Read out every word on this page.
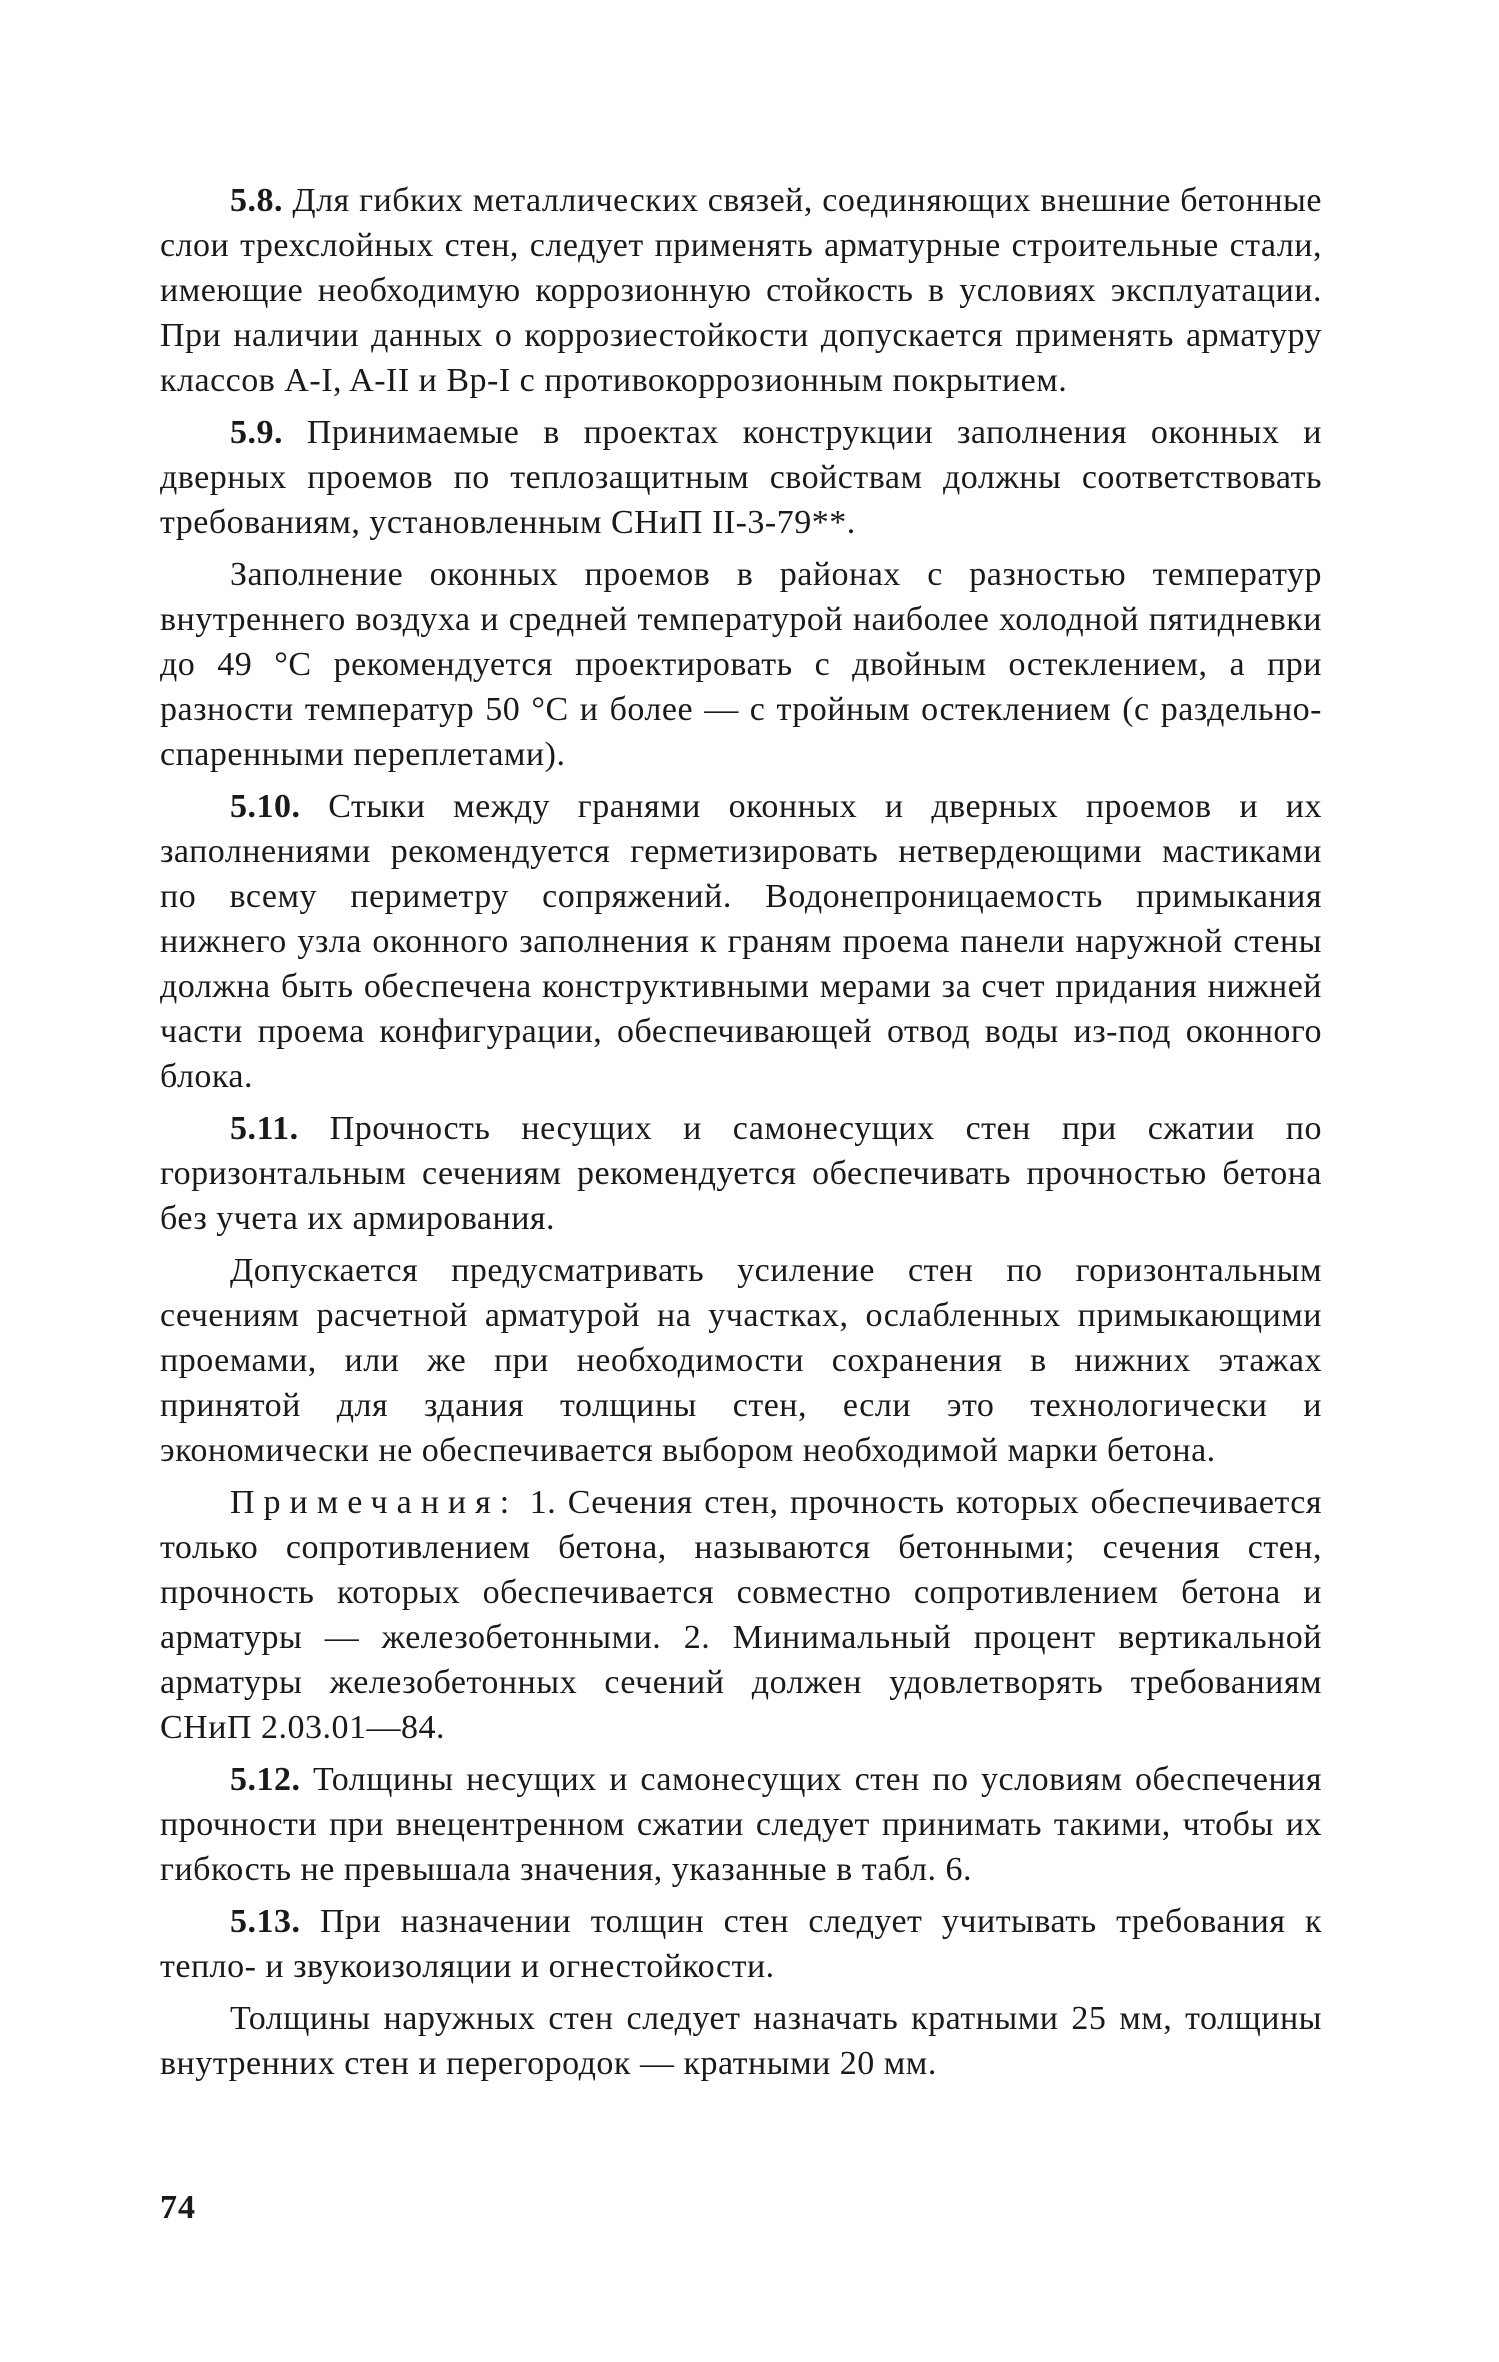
5.8. Для гибких металлических связей, соединяющих внешние бетонные слои трехслойных стен, следует применять арматурные строительные стали, имеющие необходимую коррозионную стойкость в условиях эксплуатации. При наличии данных о коррозиестойкости допускается применять арматуру классов A-I, A-II и Bp-I с противокоррозионным покрытием.

5.9. Принимаемые в проектах конструкции заполнения оконных и дверных проемов по теплозащитным свойствам должны соответствовать требованиям, установленным СНиП II-3-79**.

Заполнение оконных проемов в районах с разностью температур внутреннего воздуха и средней температурой наиболее холодной пятидневки до 49 °С рекомендуется проектировать с двойным остеклением, а при разности температур 50 °С и более — с тройным остеклением (с раздельно-спаренными переплетами).

5.10. Стыки между гранями оконных и дверных проемов и их заполнениями рекомендуется герметизировать нетвердеющими мастиками по всему периметру сопряжений. Водонепроницаемость примыкания нижнего узла оконного заполнения к граням проема панели наружной стены должна быть обеспечена конструктивными мерами за счет придания нижней части проема конфигурации, обеспечивающей отвод воды из-под оконного блока.

5.11. Прочность несущих и самонесущих стен при сжатии по горизонтальным сечениям рекомендуется обеспечивать прочностью бетона без учета их армирования.

Допускается предусматривать усиление стен по горизонтальным сечениям расчетной арматурой на участках, ослабленных примыкающими проемами, или же при необходимости сохранения в нижних этажах принятой для здания толщины стен, если это технологически и экономически не обеспечивается выбором необходимой марки бетона.

Примечания: 1. Сечения стен, прочность которых обеспечивается только сопротивлением бетона, называются бетонными; сечения стен, прочность которых обеспечивается совместно сопротивлением бетона и арматуры — железобетонными. 2. Минимальный процент вертикальной арматуры железобетонных сечений должен удовлетворять требованиям СНиП 2.03.01—84.

5.12. Толщины несущих и самонесущих стен по условиям обеспечения прочности при внецентренном сжатии следует принимать такими, чтобы их гибкость не превышала значения, указанные в табл. 6.

5.13. При назначении толщин стен следует учитывать требования к тепло- и звукоизоляции и огнестойкости.

Толщины наружных стен следует назначать кратными 25 мм, толщины внутренних стен и перегородок — кратными 20 мм.

74
